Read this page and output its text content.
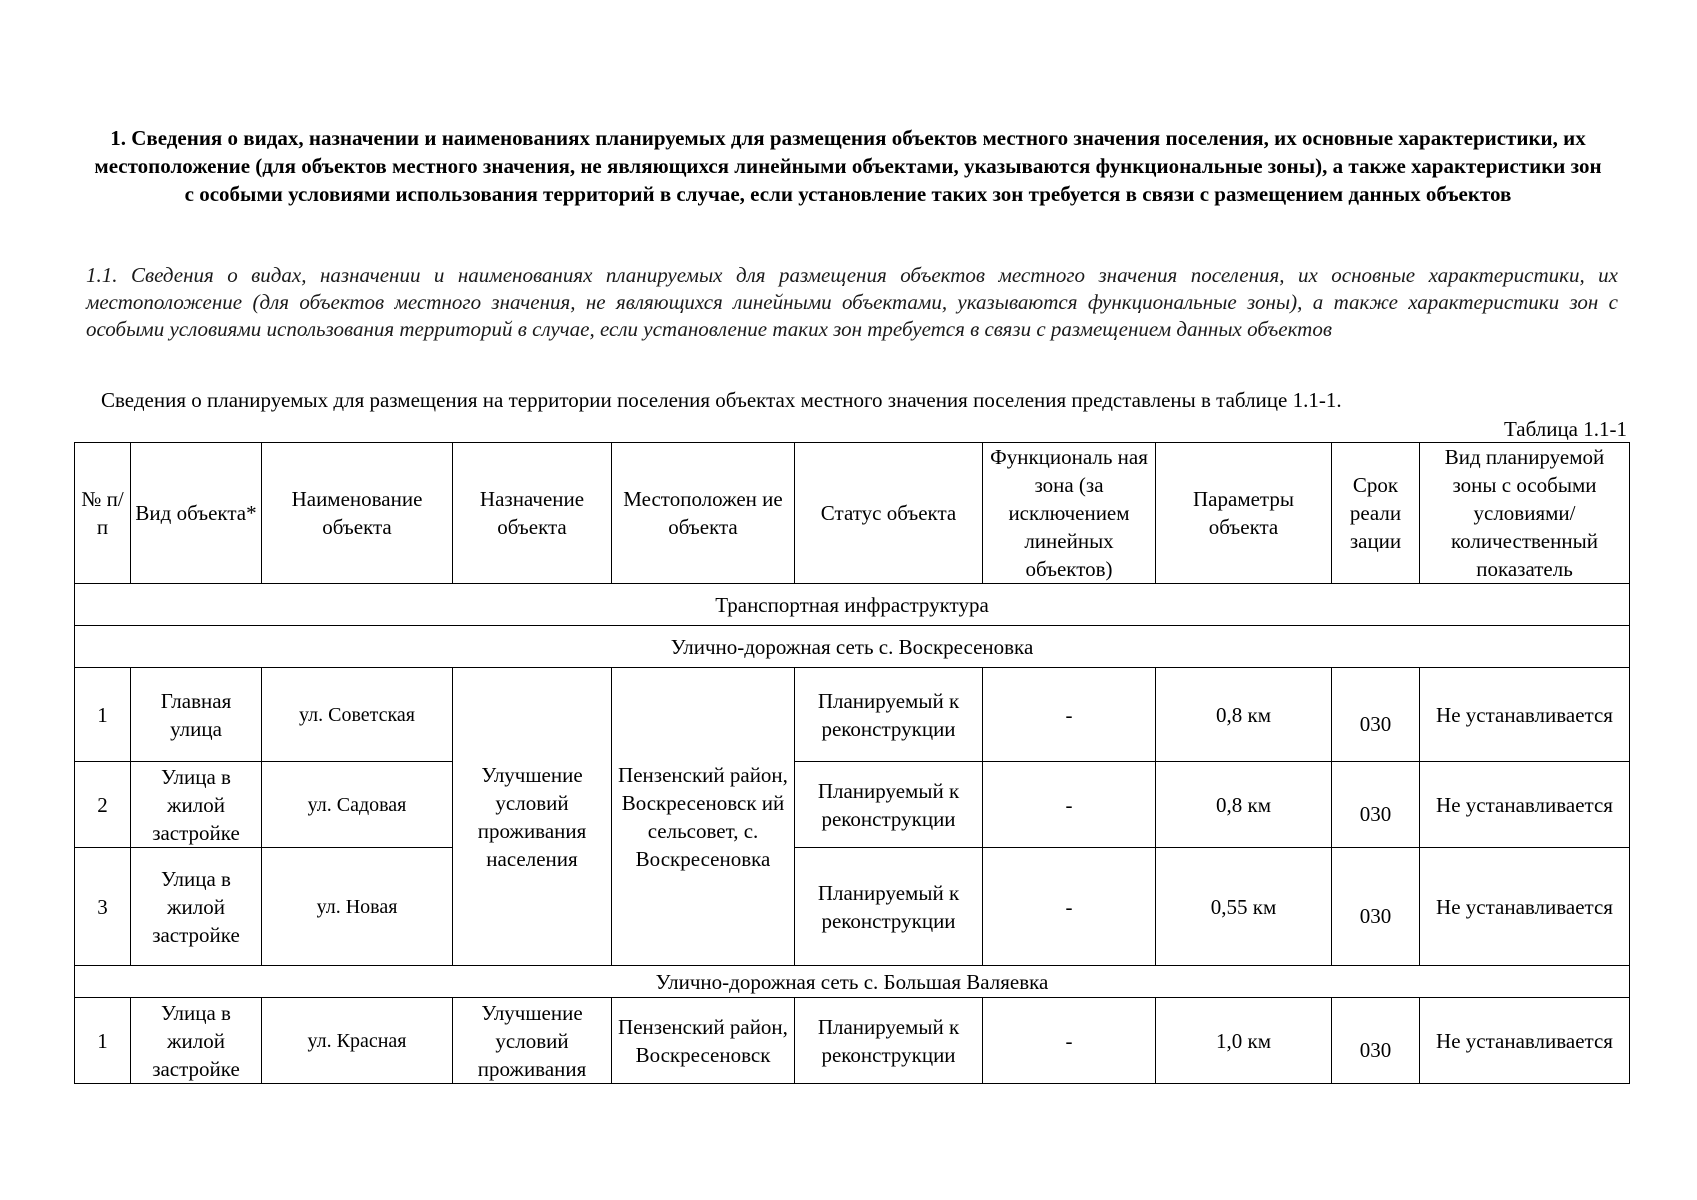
1. Сведения о видах, назначении и наименованиях планируемых для размещения объектов местного значения поселения, их основные характеристики, их местоположение (для объектов местного значения, не являющихся линейными объектами, указываются функциональные зоны), а также характеристики зон с особыми условиями использования территорий в случае, если установление таких зон требуется в связи с размещением данных объектов
1.1. Сведения о видах, назначении и наименованиях планируемых для размещения объектов местного значения поселения, их основные характеристики, их местоположение (для объектов местного значения, не являющихся линейными объектами, указываются функциональные зоны), а также характеристики зон с особыми условиями использования территорий в случае, если установление таких зон требуется в связи с размещением данных объектов
Сведения о планируемых для размещения на территории поселения объектах местного значения поселения представлены в таблице 1.1-1.
Таблица 1.1-1
№ п/п	Вид объекта*	Наименование объекта	Назначение объекта	Местоположен ие объекта	Статус объекта	Функциональ ная зона (за исключением линейных объектов)	Параметры объекта	Срок реали зации	Вид планируемой зоны с особыми условиями/ количественный показатель
Транспортная инфраструктура									
Улично-дорожная сеть с. Воскресеновка									
1	Главная улица	ул. Советская	Улучшение условий проживания населения	Пензенский район, Воскресеновск ий сельсовет, с. Воскресеновка	Планируемый к реконструкции	-	0,8 км	030	Не устанавливается
2	Улица в жилой застройке	ул. Садовая			Планируемый к реконструкции	-	0,8 км	030	Не устанавливается
3	Улица в жилой застройке	ул. Новая			Планируемый к реконструкции	-	0,55 км	030	Не устанавливается
Улично-дорожная сеть с. Большая Валяевка									
1	Улица в жилой застройке	ул. Красная	Улучшение условий проживания	Пензенский район, Воскресеновск	Планируемый к реконструкции	-	1,0 км	030	Не устанавливается
